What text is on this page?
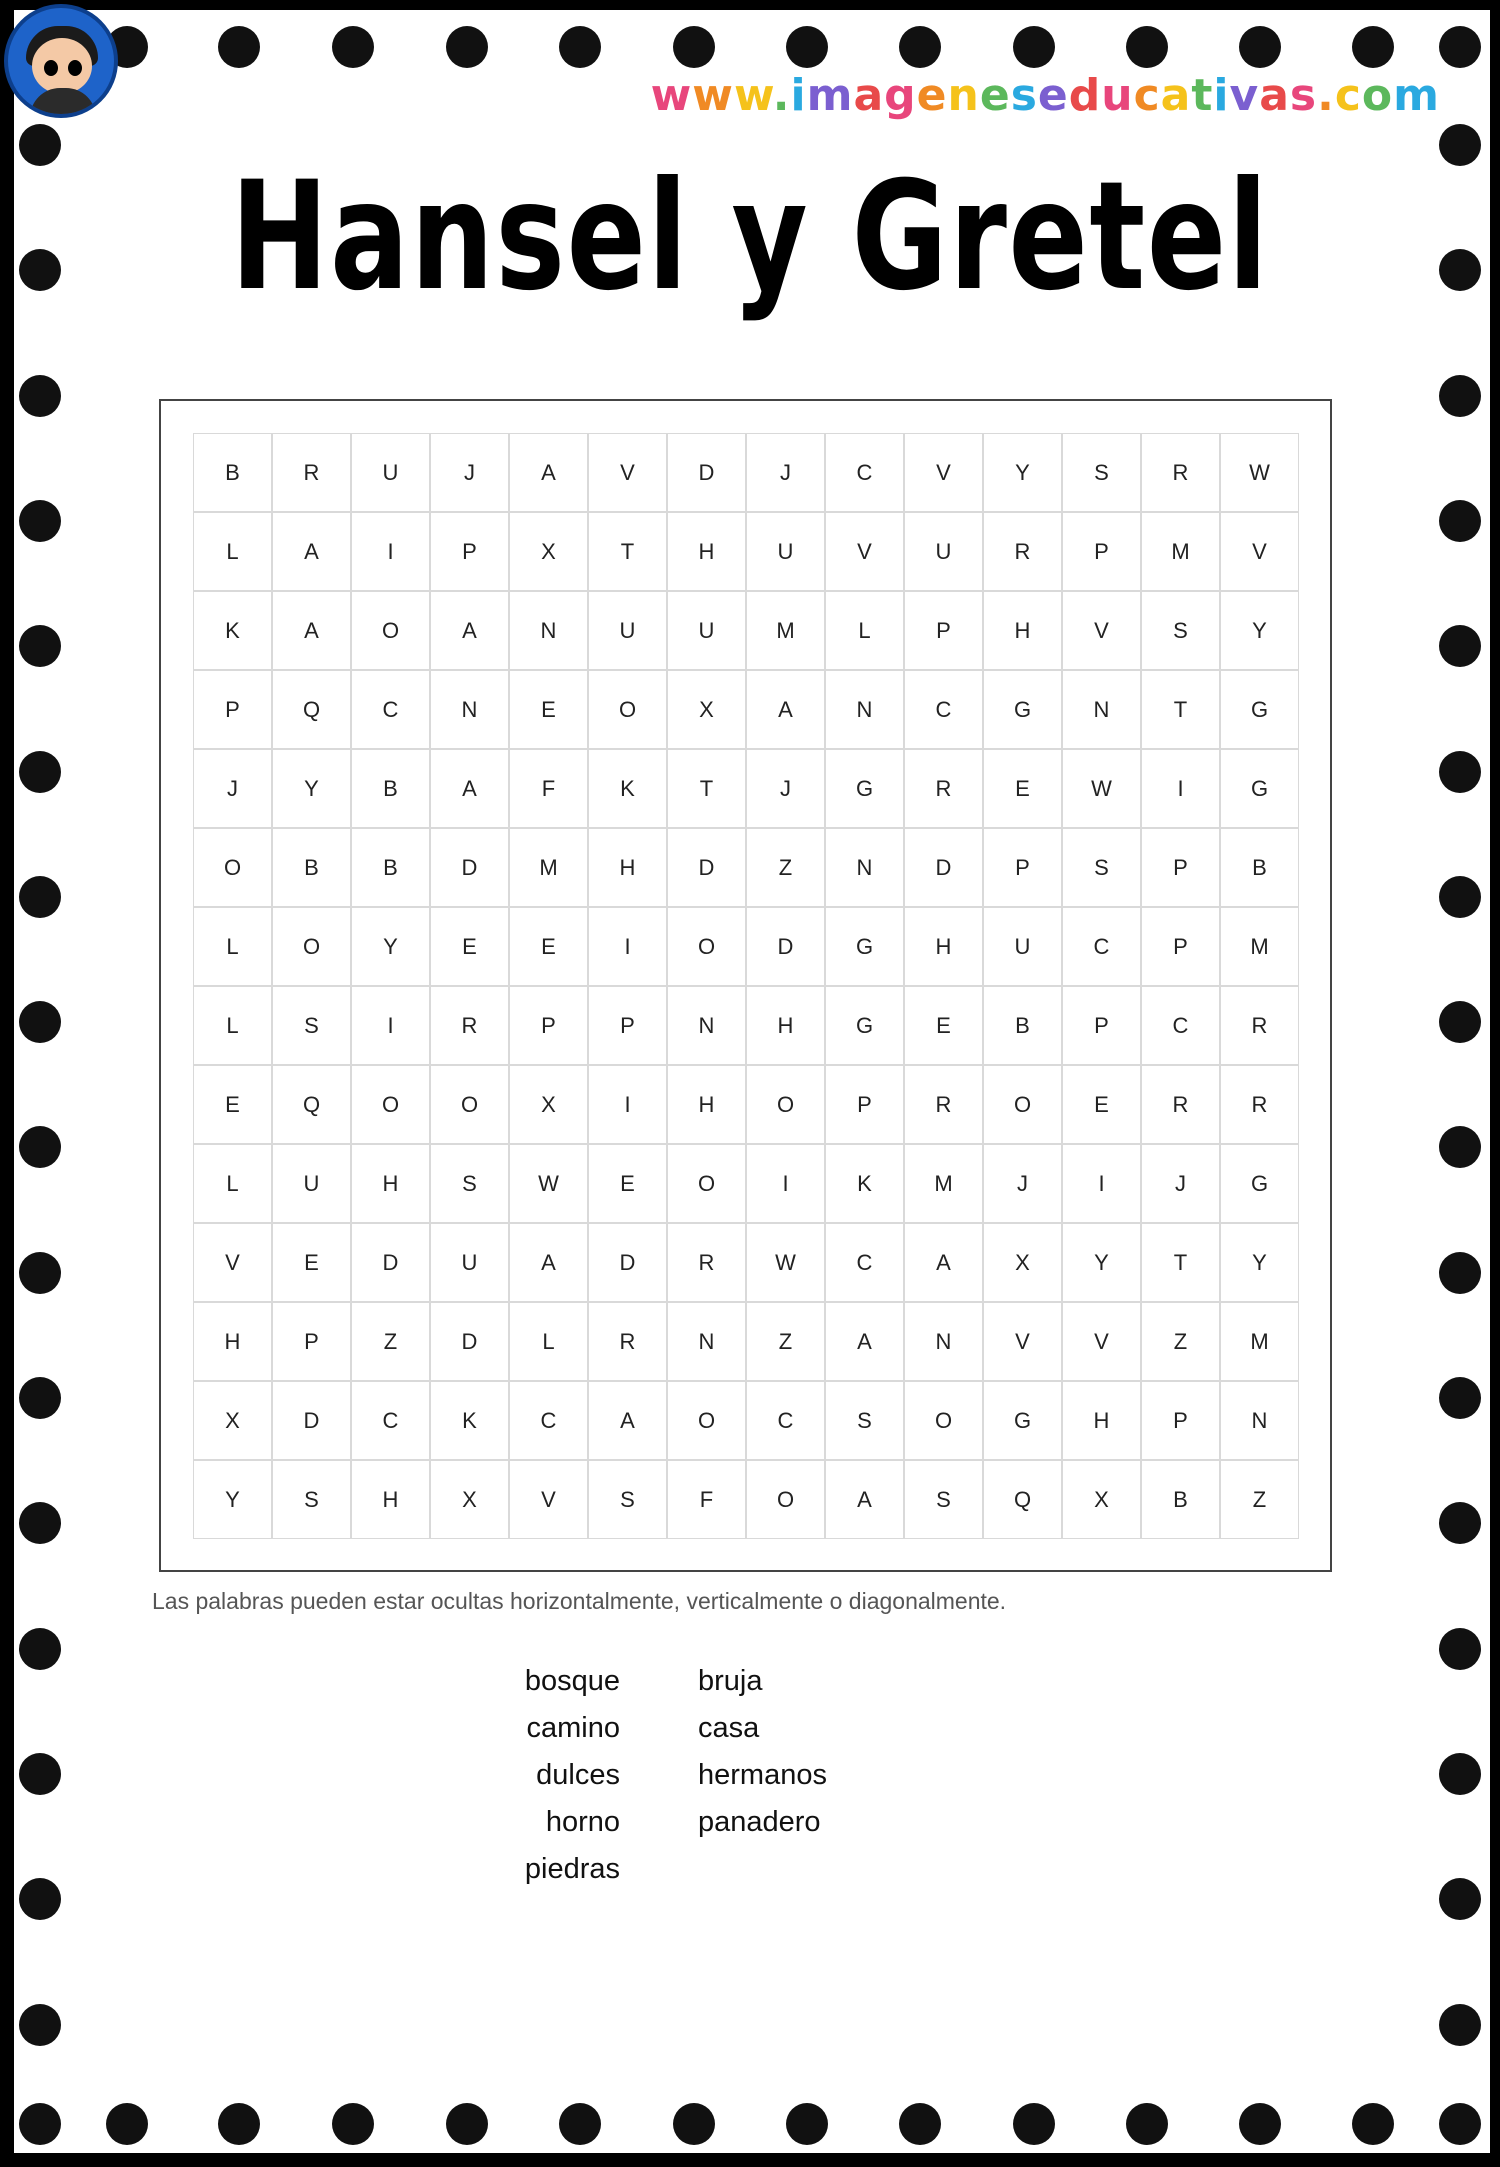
www.imageneseducativas.com
Hansel y Gretel
B	R	U	J	A	V	D	J	C	V	Y	S	R	W
L	A	I	P	X	T	H	U	V	U	R	P	M	V
K	A	O	A	N	U	U	M	L	P	H	V	S	Y
P	Q	C	N	E	O	X	A	N	C	G	N	T	G
J	Y	B	A	F	K	T	J	G	R	E	W	I	G
O	B	B	D	M	H	D	Z	N	D	P	S	P	B
L	O	Y	E	E	I	O	D	G	H	U	C	P	M
L	S	I	R	P	P	N	H	G	E	B	P	C	R
E	Q	O	O	X	I	H	O	P	R	O	E	R	R
L	U	H	S	W	E	O	I	K	M	J	I	J	G
V	E	D	U	A	D	R	W	C	A	X	Y	T	Y
H	P	Z	D	L	R	N	Z	A	N	V	V	Z	M
X	D	C	K	C	A	O	C	S	O	G	H	P	N
Y	S	H	X	V	S	F	O	A	S	Q	X	B	Z
Las palabras pueden estar ocultas horizontalmente, verticalmente o diagonalmente.
bosque
camino
dulces
horno
piedras
bruja
casa
hermanos
panadero
